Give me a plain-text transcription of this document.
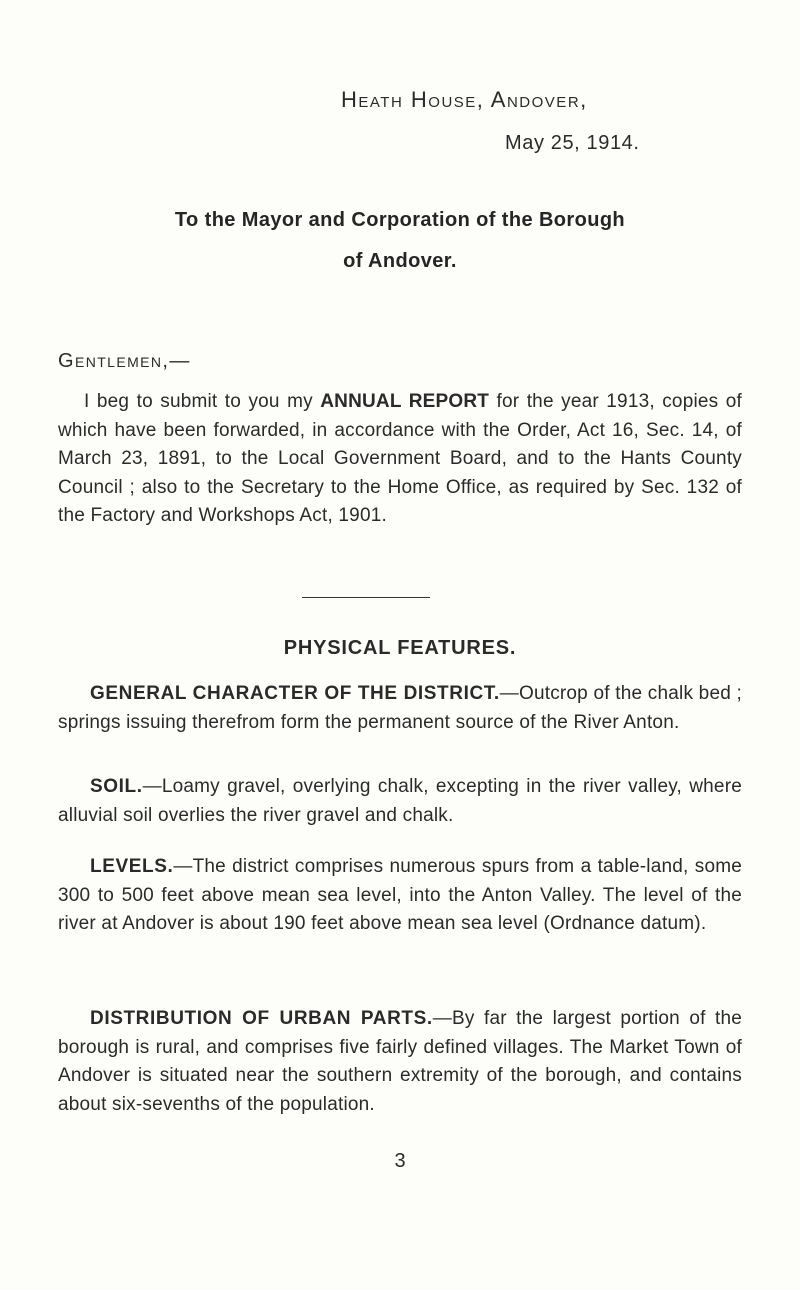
Heath House, Andover,
May 25, 1914.
To the Mayor and Corporation of the Borough
of Andover.
Gentlemen,—

I beg to submit to you my ANNUAL REPORT for the year 1913, copies of which have been forwarded, in accordance with the Order, Act 16, Sec. 14, of March 23, 1891, to the Local Government Board, and to the Hants County Council ; also to the Secretary to the Home Office, as required by Sec. 132 of the Factory and Workshops Act, 1901.

PHYSICAL FEATURES.

GENERAL CHARACTER OF THE DISTRICT.—Outcrop of the chalk bed ; springs issuing therefrom form the permanent source of the River Anton.

SOIL.—Loamy gravel, overlying chalk, excepting in the river valley, where alluvial soil overlies the river gravel and chalk.

LEVELS.—The district comprises numerous spurs from a table-land, some 300 to 500 feet above mean sea level, into the Anton Valley. The level of the river at Andover is about 190 feet above mean sea level (Ordnance datum).

DISTRIBUTION OF URBAN PARTS.—By far the largest portion of the borough is rural, and comprises five fairly defined villages. The Market Town of Andover is situated near the southern extremity of the borough, and contains about six-sevenths of the population.

3
